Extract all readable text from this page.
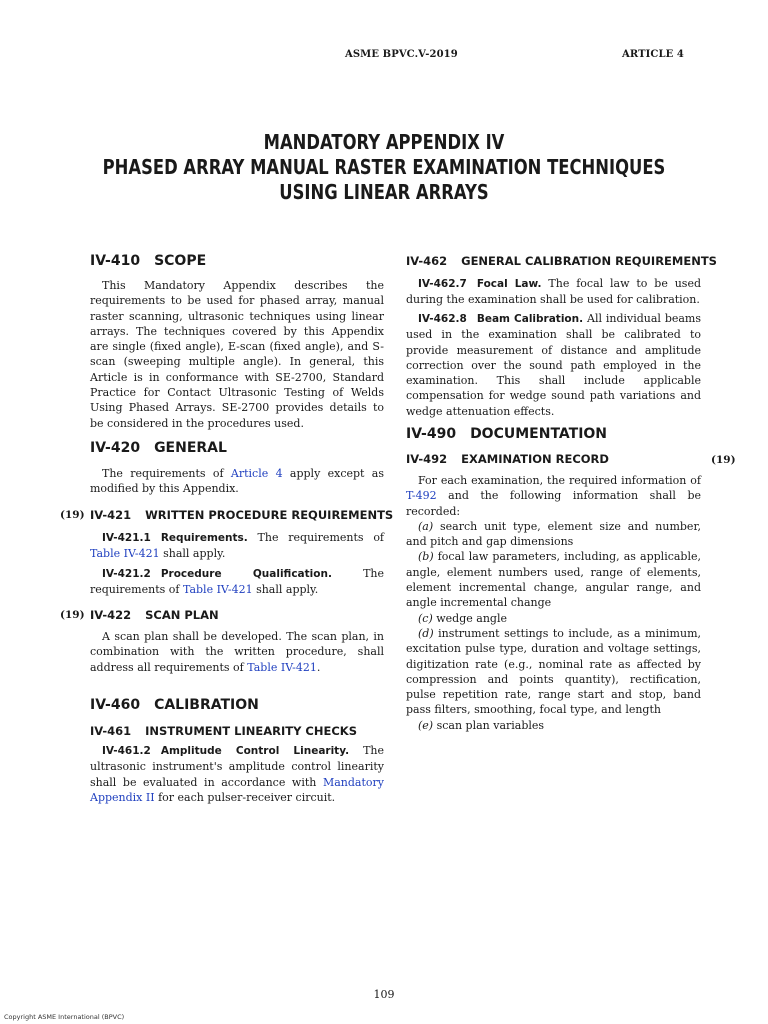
ASME BPVC.V-2019	ARTICLE 4
MANDATORY APPENDIX IV
PHASED ARRAY MANUAL RASTER EXAMINATION TECHNIQUES
USING LINEAR ARRAYS
IV-410 SCOPE
This Mandatory Appendix describes the requirements to be used for phased array, manual raster scanning, ultrasonic techniques using linear arrays. The techniques covered by this Appendix are single (fixed angle), E-scan (fixed angle), and S-scan (sweeping multiple angle). In general, this Article is in conformance with SE-2700, Standard Practice for Contact Ultrasonic Testing of Welds Using Phased Arrays. SE-2700 provides details to be considered in the procedures used.
IV-420 GENERAL
The requirements of Article 4 apply except as modified by this Appendix.
(19) IV-421 WRITTEN PROCEDURE REQUIREMENTS
IV-421.1 Requirements. The requirements of Table IV-421 shall apply.
IV-421.2 Procedure Qualification.	The requirements of Table IV-421 shall apply.
(19) IV-422 SCAN PLAN
A scan plan shall be developed. The scan plan, in combination with the written procedure, shall address all requirements of Table IV-421.
IV-460 CALIBRATION
IV-461 INSTRUMENT LINEARITY CHECKS
IV-461.2 Amplitude Control Linearity. The ultrasonic instrument's amplitude control linearity shall be evaluated in accordance with Mandatory Appendix II for each pulser-receiver circuit.
IV-462 GENERAL CALIBRATION REQUIREMENTS
IV-462.7 Focal Law. The focal law to be used during the examination shall be used for calibration.
IV-462.8 Beam Calibration. All individual beams used in the examination shall be calibrated to provide measurement of distance and amplitude correction over the sound path employed in the examination. This shall include applicable compensation for wedge sound path variations and wedge attenuation effects.
IV-490 DOCUMENTATION
(19)
IV-492 EXAMINATION RECORD
For each examination, the required information of T-492 and the following information shall be recorded:
(a) search unit type, element size and number, and pitch and gap dimensions
(b) focal law parameters, including, as applicable, angle, element numbers used, range of elements, element incremental change, angular range, and angle incremental change
(c) wedge angle
(d) instrument settings to include, as a minimum, excitation pulse type, duration and voltage settings, digitization rate (e.g., nominal rate as affected by compression and points quantity), rectification, pulse repetition rate, range start and stop, band pass filters, smoothing, focal type, and length
(e) scan plan variables
109
Copyright ASME International (BPVC)
